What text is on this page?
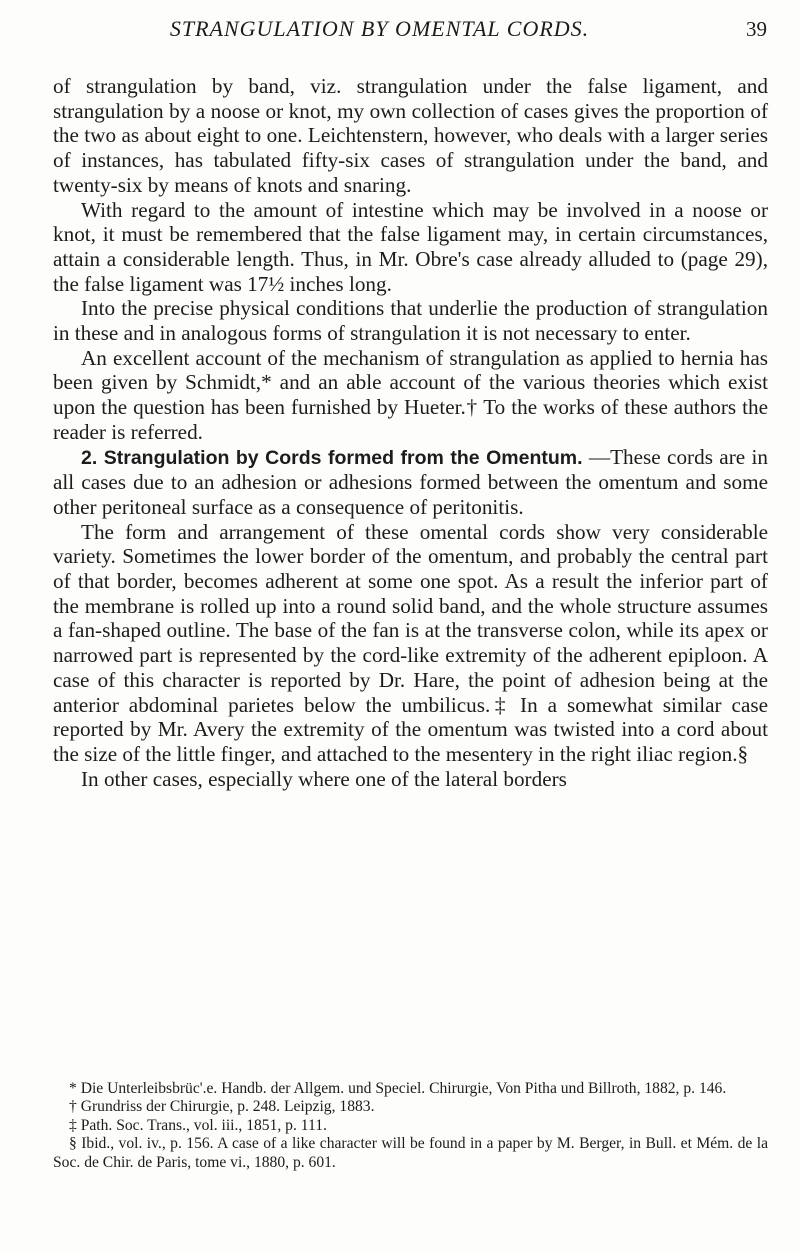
STRANGULATION BY OMENTAL CORDS.	39

of strangulation by band, viz. strangulation under the false ligament, and strangulation by a noose or knot, my own collection of cases gives the proportion of the two as about eight to one. Leichtenstern, however, who deals with a larger series of instances, has tabulated fifty-six cases of strangulation under the band, and twenty-six by means of knots and snaring.

With regard to the amount of intestine which may be involved in a noose or knot, it must be remembered that the false ligament may, in certain circumstances, attain a considerable length. Thus, in Mr. Obre's case already alluded to (page 29), the false ligament was 17½ inches long.

Into the precise physical conditions that underlie the production of strangulation in these and in analogous forms of strangulation it is not necessary to enter.

An excellent account of the mechanism of strangulation as applied to hernia has been given by Schmidt,* and an able account of the various theories which exist upon the question has been furnished by Hueter.† To the works of these authors the reader is referred.

2. Strangulation by Cords formed from the Omentum. —These cords are in all cases due to an adhesion or adhesions formed between the omentum and some other peritoneal surface as a consequence of peritonitis.

The form and arrangement of these omental cords show very considerable variety. Sometimes the lower border of the omentum, and probably the central part of that border, becomes adherent at some one spot. As a result the inferior part of the membrane is rolled up into a round solid band, and the whole structure assumes a fan-shaped outline. The base of the fan is at the transverse colon, while its apex or narrowed part is represented by the cord-like extremity of the adherent epiploon. A case of this character is reported by Dr. Hare, the point of adhesion being at the anterior abdominal parietes below the umbilicus.‡ In a somewhat similar case reported by Mr. Avery the extremity of the omentum was twisted into a cord about the size of the little finger, and attached to the mesentery in the right iliac region.§

In other cases, especially where one of the lateral borders

* Die Unterleibsbrüc'.e. Handb. der Allgem. und Speciel. Chirurgie, Von Pitha und Billroth, 1882, p. 146.

† Grundriss der Chirurgie, p. 248. Leipzig, 1883.

‡ Path. Soc. Trans., vol. iii., 1851, p. 111.

§ Ibid., vol. iv., p. 156. A case of a like character will be found in a paper by M. Berger, in Bull. et Mém. de la Soc. de Chir. de Paris, tome vi., 1880, p. 601.
